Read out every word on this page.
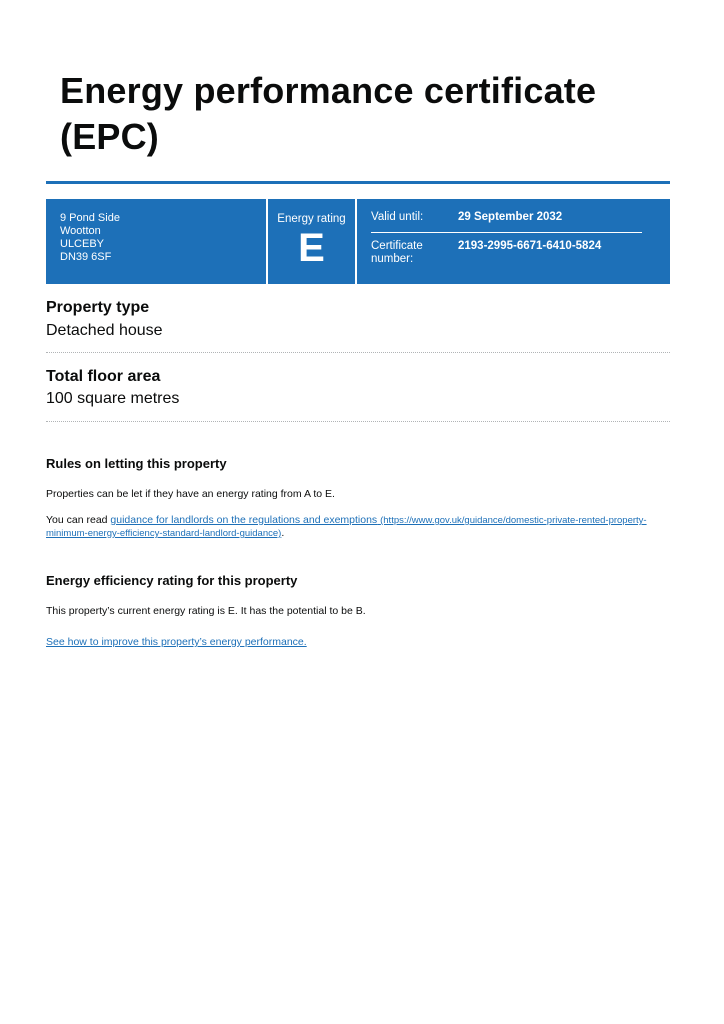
Energy performance certificate (EPC)
9 Pond Side
Wootton
ULCEBY
DN39 6SF
Energy rating
E
Valid until:	29 September 2032
Certificate number:
2193-2995-6671-6410-5824
Property type
Detached house
Total floor area
100 square metres
Rules on letting this property

Properties can be let if they have an energy rating from A to E.

You can read guidance for landlords on the regulations and exemptions (https://www.gov.uk/guidance/domestic-private-rented-property-minimum-energy-efficiency-standard-landlord-guidance).

Energy efficiency rating for this property

This property’s current energy rating is E. It has the potential to be B.

See how to improve this property’s energy performance.
